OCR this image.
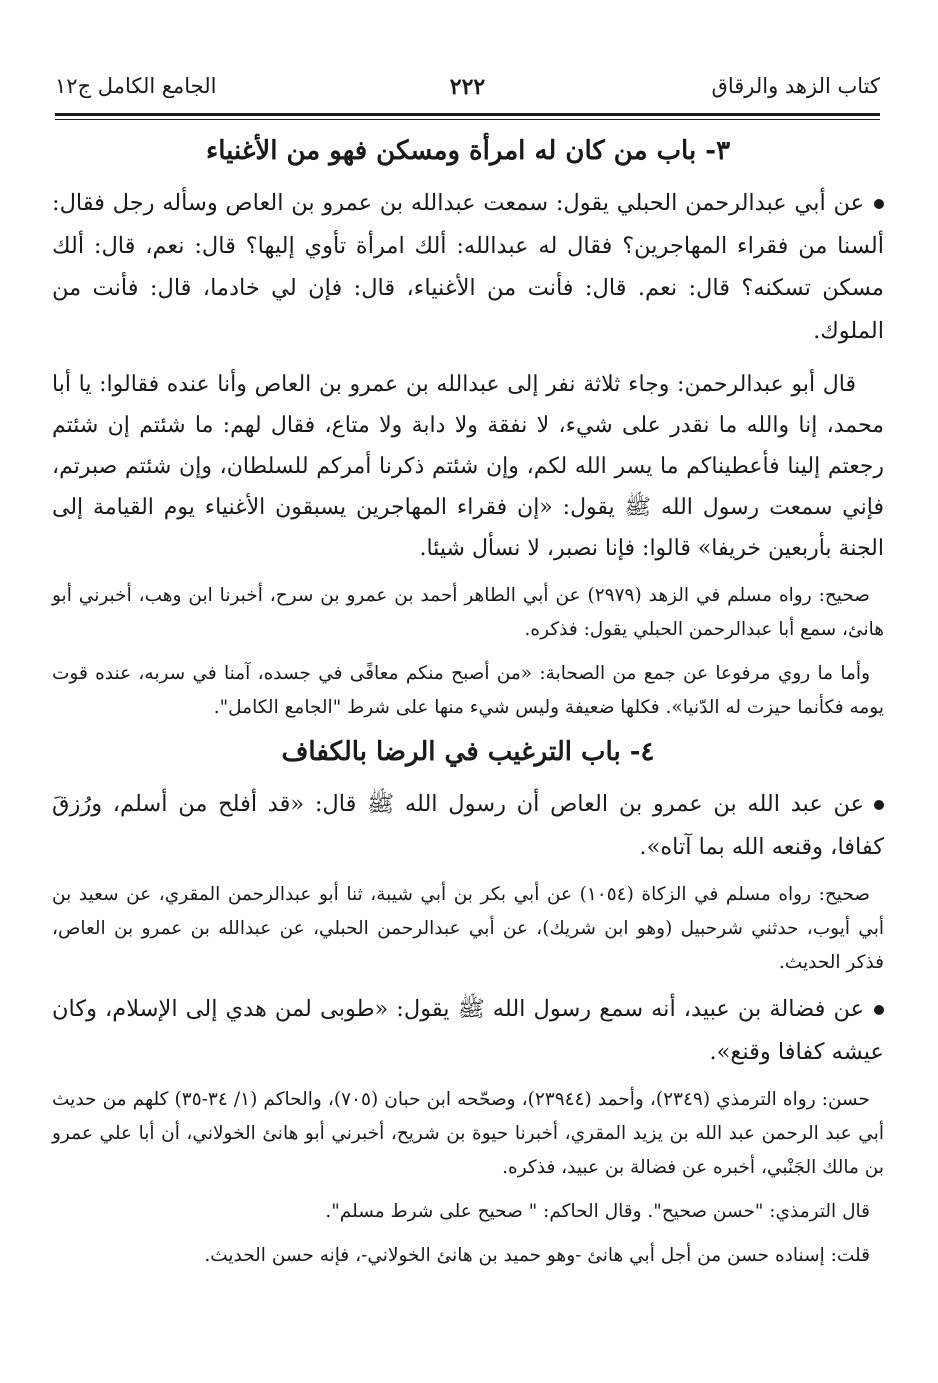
كتاب الزهد والرقاق
٢٢٢
الجامع الكامل ج١٢
٣- باب من كان له امرأة ومسكن فهو من الأغنياء

عن أبي عبدالرحمن الحبلي يقول: سمعت عبدالله بن عمرو بن العاص وسأله رجل فقال: ألسنا من فقراء المهاجرين؟ فقال له عبدالله: ألك امرأة تأوي إليها؟ قال: نعم، قال: ألك مسكن تسكنه؟ قال: نعم. قال: فأنت من الأغنياء، قال: فإن لي خادما، قال: فأنت من الملوك.

قال أبو عبدالرحمن: وجاء ثلاثة نفر إلى عبدالله بن عمرو بن العاص وأنا عنده فقالوا: يا أبا محمد، إنا والله ما نقدر على شيء، لا نفقة ولا دابة ولا متاع، فقال لهم: ما شئتم إن شئتم رجعتم إلينا فأعطيناكم ما يسر الله لكم، وإن شئتم ذكرنا أمركم للسلطان، وإن شئتم صبرتم، فإني سمعت رسول الله ﷺ يقول: «إن فقراء المهاجرين يسبقون الأغنياء يوم القيامة إلى الجنة بأربعين خريفا» قالوا: فإنا نصبر، لا نسأل شيئا.

صحيح: رواه مسلم في الزهد (٢٩٧٩) عن أبي الطاهر أحمد بن عمرو بن سرح، أخبرنا ابن وهب، أخبرني أبو هانئ، سمع أبا عبدالرحمن الحبلي يقول: فذكره.

وأما ما روي مرفوعا عن جمع من الصحابة: «من أصبح منكم معافًى في جسده، آمنا في سربه، عنده قوت يومه فكأنما حيزت له الدّنيا». فكلها ضعيفة وليس شيء منها على شرط "الجامع الكامل".

٤- باب الترغيب في الرضا بالكفاف

عن عبد الله بن عمرو بن العاص أن رسول الله ﷺ قال: «قد أفلح من أسلم، ورُزقَ كفافا، وقنعه الله بما آتاه».

صحيح: رواه مسلم في الزكاة (١٠٥٤) عن أبي بكر بن أبي شيبة، ثنا أبو عبدالرحمن المقري، عن سعيد بن أبي أيوب، حدثني شرحبيل (وهو ابن شريك)، عن أبي عبدالرحمن الحبلي، عن عبدالله بن عمرو بن العاص، فذكر الحديث.

عن فضالة بن عبيد، أنه سمع رسول الله ﷺ يقول: «طوبى لمن هدي إلى الإسلام، وكان عيشه كفافا وقنع».

حسن: رواه الترمذي (٢٣٤٩)، وأحمد (٢٣٩٤٤)، وصحّحه ابن حبان (٧٠٥)، والحاكم (١/ ٣٤-٣٥) كلهم من حديث أبي عبد الرحمن عبد الله بن يزيد المقري، أخبرنا حيوة بن شريح، أخبرني أبو هانئ الخولاني، أن أبا علي عمرو بن مالك الجَنْبي، أخبره عن فضالة بن عبيد، فذكره.

قال الترمذي: "حسن صحيح". وقال الحاكم: " صحيح على شرط مسلم".

قلت: إسناده حسن من أجل أبي هانئ -وهو حميد بن هانئ الخولاني-، فإنه حسن الحديث.
